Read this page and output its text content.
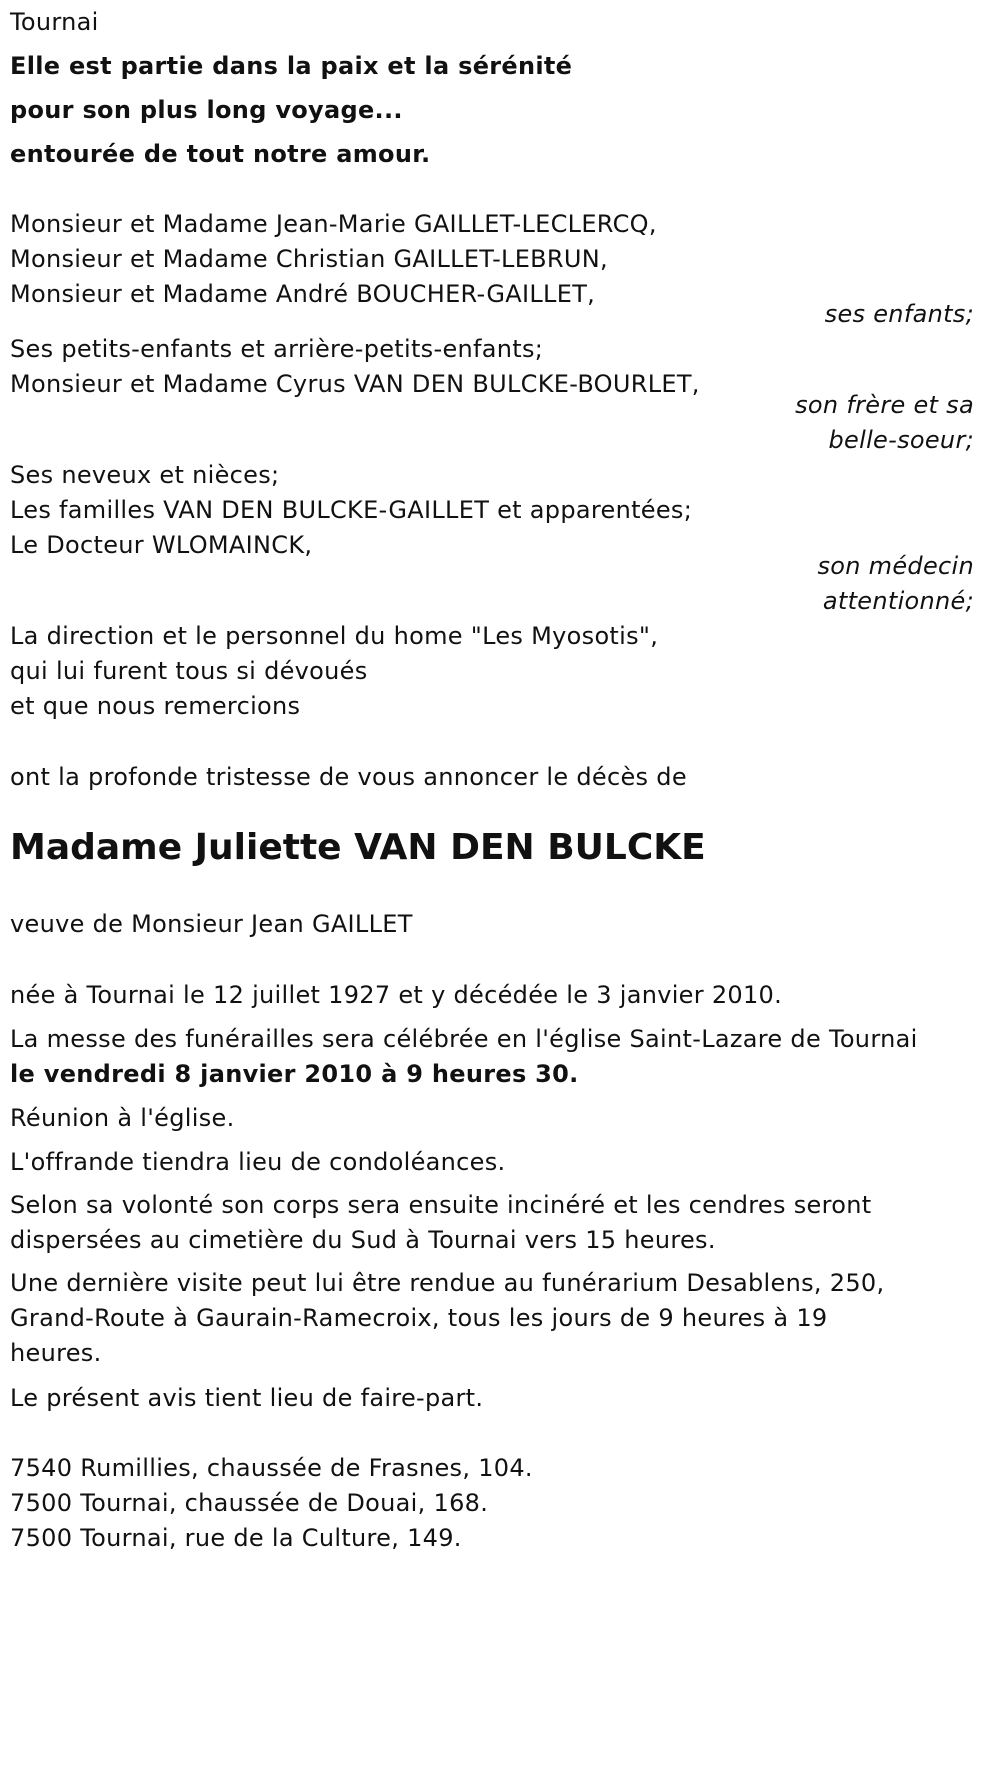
Tournai
Elle est partie dans la paix et la sérénité
pour son plus long voyage...
entourée de tout notre amour.
Monsieur et Madame Jean-Marie GAILLET-LECLERCQ,
Monsieur et Madame Christian GAILLET-LEBRUN,
Monsieur et Madame André BOUCHER-GAILLET,
ses enfants;
Ses petits-enfants et arrière-petits-enfants;
Monsieur et Madame Cyrus VAN DEN BULCKE-BOURLET,
son frère et sa
belle-soeur;
Ses neveux et nièces;
Les familles VAN DEN BULCKE-GAILLET et apparentées;
Le Docteur WLOMAINCK,
son médecin
attentionné;
La direction et le personnel du home "Les Myosotis",
qui lui furent tous si dévoués
et que nous remercions
ont la profonde tristesse de vous annoncer le décès de
Madame Juliette VAN DEN BULCKE
veuve de Monsieur Jean GAILLET
née à Tournai le 12 juillet 1927 et y décédée le 3 janvier 2010.
La messe des funérailles sera célébrée en l'église Saint-Lazare de Tournai
le vendredi 8 janvier 2010 à 9 heures 30.
Réunion à l'église.
L'offrande tiendra lieu de condoléances.
Selon sa volonté son corps sera ensuite incinéré et les cendres seront
dispersées au cimetière du Sud à Tournai vers 15 heures.
Une dernière visite peut lui être rendue au funérarium Desablens, 250,
Grand-Route à Gaurain-Ramecroix, tous les jours de 9 heures à 19
heures.
Le présent avis tient lieu de faire-part.
7540 Rumillies, chaussée de Frasnes, 104.
7500 Tournai, chaussée de Douai, 168.
7500 Tournai, rue de la Culture, 149.
